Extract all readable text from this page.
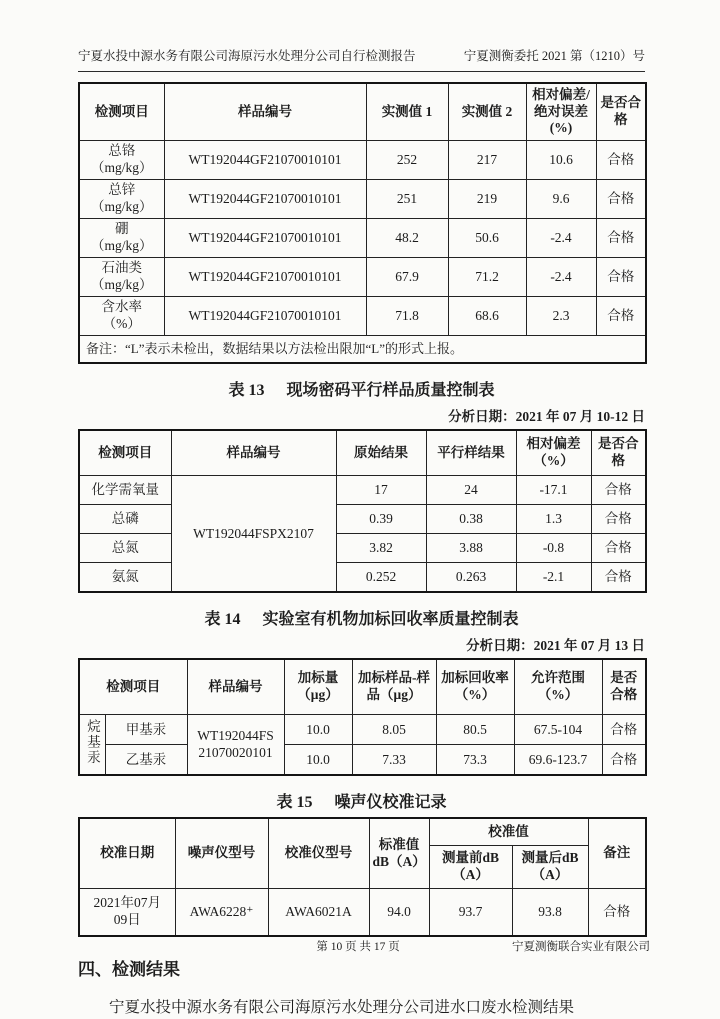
宁夏水投中源水务有限公司海原污水处理分公司自行检测报告	宁夏测衡委托 2021 第（1210）号
检测项目	样品编号	实测值 1	实测值 2	相对偏差/绝对误差(%)	是否合格

总铬
（mg/kg）	WT192044GF21070010101	252	217	10.6	合格

总锌
（mg/kg）	WT192044GF21070010101	251	219	9.6	合格

硼
（mg/kg）	WT192044GF21070010101	48.2	50.6	-2.4	合格

石油类
（mg/kg）	WT192044GF21070010101	67.9	71.2	-2.4	合格

含水率
（%）	WT192044GF21070010101	71.8	68.6	2.3	合格
备注：“L”表示未检出，数据结果以方法检出限加“L”的形式上报。					
表 13 现场密码平行样品质量控制表
分析日期：2021 年 07 月 10-12 日
检测项目	样品编号	原始结果	平行样结果	相对偏差（%）	是否合格
化学需氧量	WT192044FSPX2107	17	24	-17.1	合格
总磷		0.39	0.38	1.3	合格
总氮		3.82	3.88	-0.8	合格
氨氮		0.252	0.263	-2.1	合格
表 14 实验室有机物加标回收率质量控制表
分析日期：2021 年 07 月 13 日
检测项目		样品编号	加标量（μg）	加标样品-样品（μg）	加标回收率（%）	允许范围（%）	是否合格
烷基汞	甲基汞	WT192044FS
21070020101	10.0	8.05	80.5	67.5-104	合格
	乙基汞		10.0	7.33	73.3	69.6-123.7	合格
表 15 噪声仪校准记录
校准日期	噪声仪型号	校准仪型号	标准值dB（A）	校准值		备注
				测量前dB（A）	测量后dB（A）	

2021年07月
09日	AWA6228⁺	AWA6021A	94.0	93.7	93.8	合格
四、检测结果
宁夏水投中源水务有限公司海原污水处理分公司进水口废水检测结果
第 10 页 共 17 页	宁夏测衡联合实业有限公司
